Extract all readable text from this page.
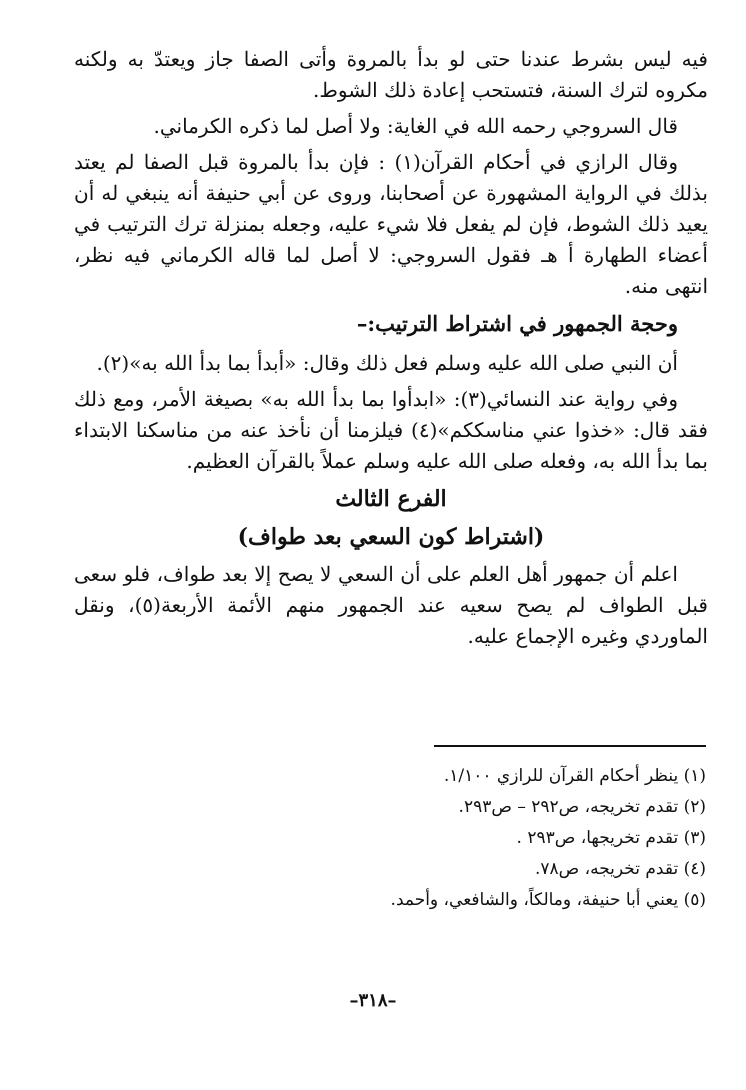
فيه ليس بشرط عندنا حتى لو بدأ بالمروة وأتى الصفا جاز ويعتدّ به ولكنه مكروه لترك السنة، فتستحب إعادة ذلك الشوط.

قال السروجي رحمه الله في الغاية: ولا أصل لما ذكره الكرماني.

وقال الرازي في أحكام القرآن(١) : فإن بدأ بالمروة قبل الصفا لم يعتد بذلك في الرواية المشهورة عن أصحابنا، وروى عن أبي حنيفة أنه ينبغي له أن يعيد ذلك الشوط، فإن لم يفعل فلا شيء عليه، وجعله بمنزلة ترك الترتيب في أعضاء الطهارة أ هـ فقول السروجي: لا أصل لما قاله الكرماني فيه نظر، انتهى منه.

وحجة الجمهور في اشتراط الترتيب:–

أن النبي صلى الله عليه وسلم فعل ذلك وقال: «أبدأ بما بدأ الله به»(٢).

وفي رواية عند النسائي(٣): «ابدأوا بما بدأ الله به» بصيغة الأمر، ومع ذلك فقد قال: «خذوا عني مناسككم»(٤) فيلزمنا أن نأخذ عنه من مناسكنا الابتداء بما بدأ الله به، وفعله صلى الله عليه وسلم عملاً بالقرآن العظيم.

الفرع الثالث
(اشتراط كون السعي بعد طواف)

اعلم أن جمهور أهل العلم على أن السعي لا يصح إلا بعد طواف، فلو سعى قبل الطواف لم يصح سعيه عند الجمهور منهم الأئمة الأربعة(٥)، ونقل الماوردي وغيره الإجماع عليه.

(١) ينظر أحكام القرآن للرازي ١/١٠٠.
(٢) تقدم تخريجه، ص٢٩٢ – ص٢٩٣.
(٣) تقدم تخريجها، ص٢٩٣ .
(٤) تقدم تخريجه، ص٧٨.
(٥) يعني أبا حنيفة، ومالكاً، والشافعي، وأحمد.
–٣١٨–
